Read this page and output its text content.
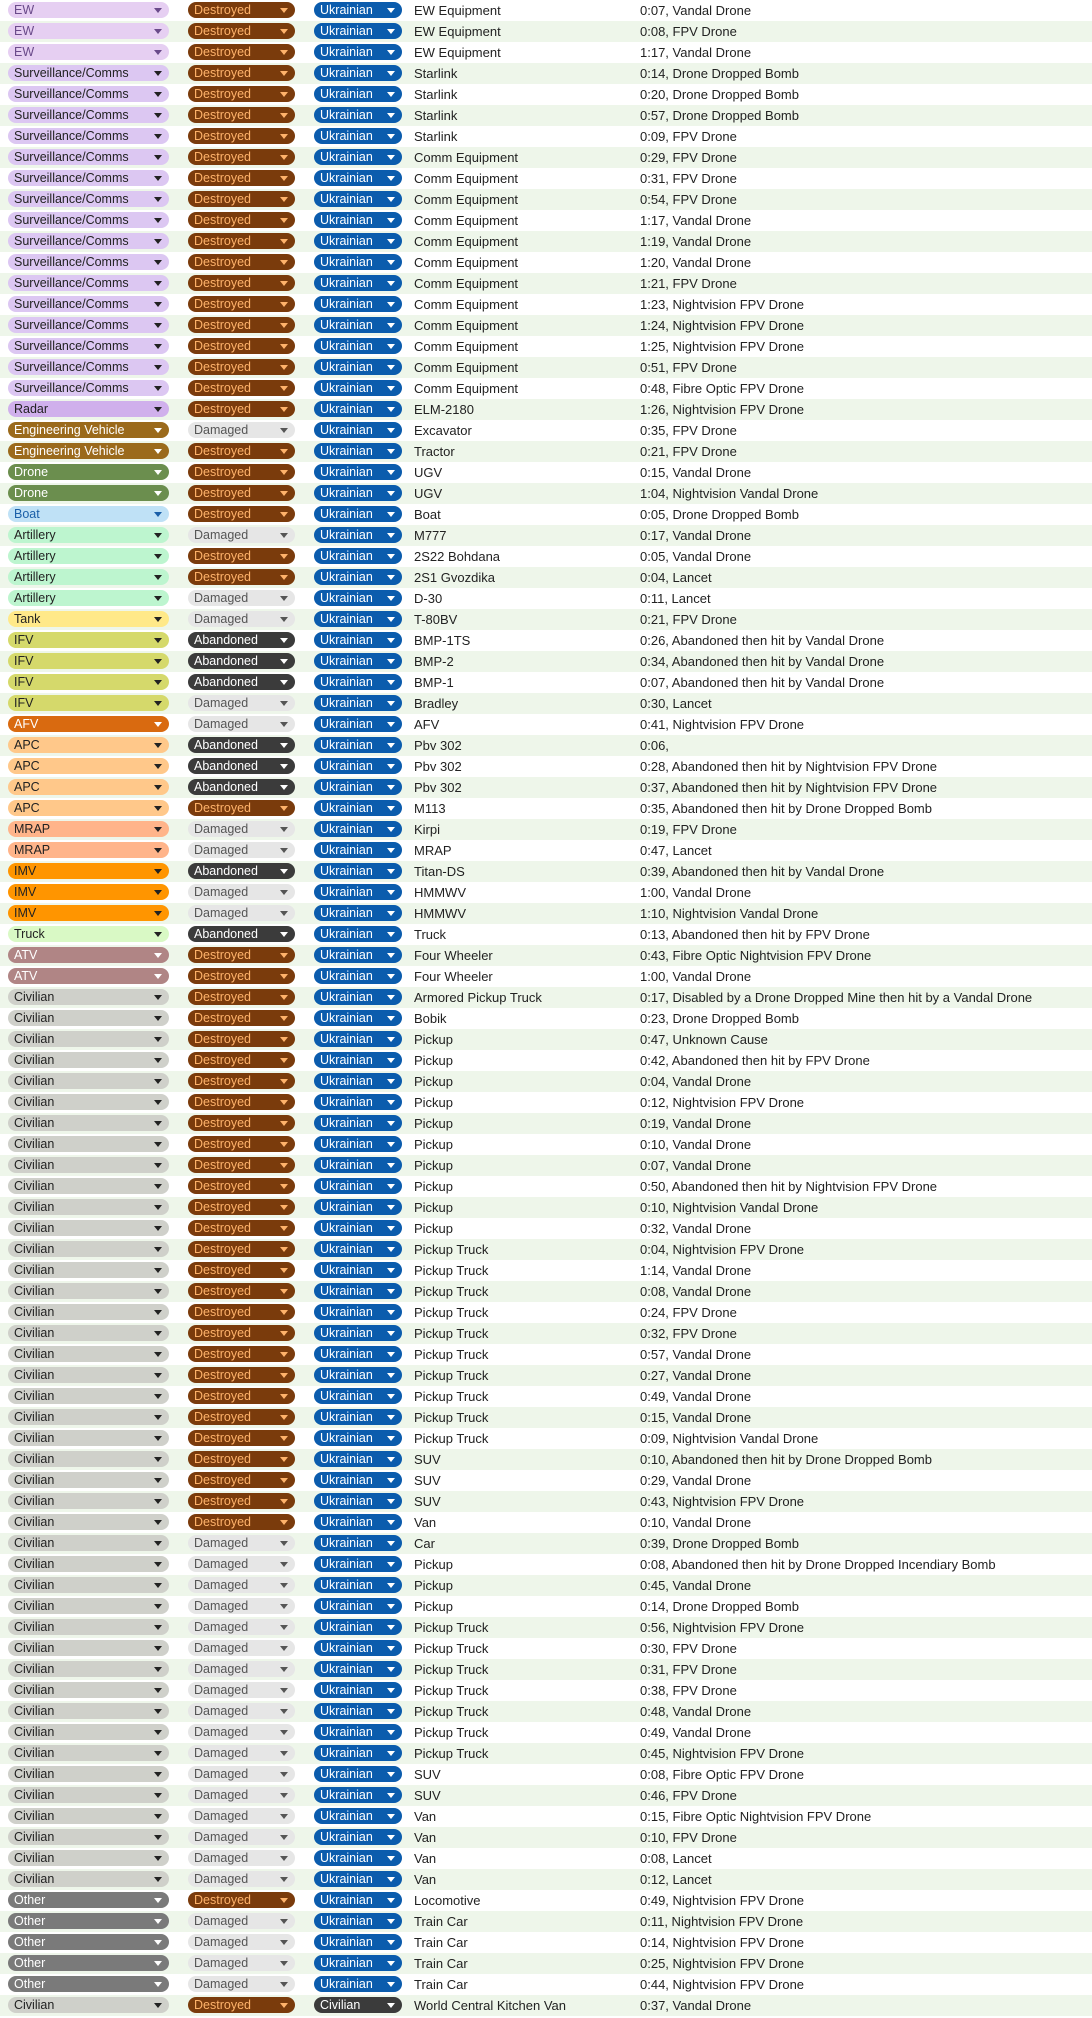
EW	Destroyed	Ukrainian	EW Equipment	0:07, Vandal Drone
EW	Destroyed	Ukrainian	EW Equipment	0:08, FPV Drone
EW	Destroyed	Ukrainian	EW Equipment	1:17, Vandal Drone
Surveillance/Comms	Destroyed	Ukrainian	Starlink	0:14, Drone Dropped Bomb
Surveillance/Comms	Destroyed	Ukrainian	Starlink	0:20, Drone Dropped Bomb
Surveillance/Comms	Destroyed	Ukrainian	Starlink	0:57, Drone Dropped Bomb
Surveillance/Comms	Destroyed	Ukrainian	Starlink	0:09, FPV Drone
Surveillance/Comms	Destroyed	Ukrainian	Comm Equipment	0:29, FPV Drone
Surveillance/Comms	Destroyed	Ukrainian	Comm Equipment	0:31, FPV Drone
Surveillance/Comms	Destroyed	Ukrainian	Comm Equipment	0:54, FPV Drone
Surveillance/Comms	Destroyed	Ukrainian	Comm Equipment	1:17, Vandal Drone
Surveillance/Comms	Destroyed	Ukrainian	Comm Equipment	1:19, Vandal Drone
Surveillance/Comms	Destroyed	Ukrainian	Comm Equipment	1:20, Vandal Drone
Surveillance/Comms	Destroyed	Ukrainian	Comm Equipment	1:21, FPV Drone
Surveillance/Comms	Destroyed	Ukrainian	Comm Equipment	1:23, Nightvision FPV Drone
Surveillance/Comms	Destroyed	Ukrainian	Comm Equipment	1:24, Nightvision FPV Drone
Surveillance/Comms	Destroyed	Ukrainian	Comm Equipment	1:25, Nightvision FPV Drone
Surveillance/Comms	Destroyed	Ukrainian	Comm Equipment	0:51, FPV Drone
Surveillance/Comms	Destroyed	Ukrainian	Comm Equipment	0:48, Fibre Optic FPV Drone
Radar	Destroyed	Ukrainian	ELM-2180	1:26, Nightvision FPV Drone
Engineering Vehicle	Damaged	Ukrainian	Excavator	0:35, FPV Drone
Engineering Vehicle	Destroyed	Ukrainian	Tractor	0:21, FPV Drone
Drone	Destroyed	Ukrainian	UGV	0:15, Vandal Drone
Drone	Destroyed	Ukrainian	UGV	1:04, Nightvision Vandal Drone
Boat	Destroyed	Ukrainian	Boat	0:05, Drone Dropped Bomb
Artillery	Damaged	Ukrainian	M777	0:17, Vandal Drone
Artillery	Destroyed	Ukrainian	2S22 Bohdana	0:05, Vandal Drone
Artillery	Destroyed	Ukrainian	2S1 Gvozdika	0:04, Lancet
Artillery	Damaged	Ukrainian	D-30	0:11, Lancet
Tank	Damaged	Ukrainian	T-80BV	0:21, FPV Drone
IFV	Abandoned	Ukrainian	BMP-1TS	0:26, Abandoned then hit by Vandal Drone
IFV	Abandoned	Ukrainian	BMP-2	0:34, Abandoned then hit by Vandal Drone
IFV	Abandoned	Ukrainian	BMP-1	0:07, Abandoned then hit by Vandal Drone
IFV	Damaged	Ukrainian	Bradley	0:30, Lancet
AFV	Damaged	Ukrainian	AFV	0:41, Nightvision FPV Drone
APC	Abandoned	Ukrainian	Pbv 302	0:06,
APC	Abandoned	Ukrainian	Pbv 302	0:28, Abandoned then hit by Nightvision FPV Drone
APC	Abandoned	Ukrainian	Pbv 302	0:37, Abandoned then hit by Nightvision FPV Drone
APC	Destroyed	Ukrainian	M113	0:35, Abandoned then hit by Drone Dropped Bomb
MRAP	Damaged	Ukrainian	Kirpi	0:19, FPV Drone
MRAP	Damaged	Ukrainian	MRAP	0:47, Lancet
IMV	Abandoned	Ukrainian	Titan-DS	0:39, Abandoned then hit by Vandal Drone
IMV	Damaged	Ukrainian	HMMWV	1:00, Vandal Drone
IMV	Damaged	Ukrainian	HMMWV	1:10, Nightvision Vandal Drone
Truck	Abandoned	Ukrainian	Truck	0:13, Abandoned then hit by FPV Drone
ATV	Destroyed	Ukrainian	Four Wheeler	0:43, Fibre Optic Nightvision FPV Drone
ATV	Destroyed	Ukrainian	Four Wheeler	1:00, Vandal Drone
Civilian	Destroyed	Ukrainian	Armored Pickup Truck	0:17, Disabled by a Drone Dropped Mine then hit by a Vandal Drone
Civilian	Destroyed	Ukrainian	Bobik	0:23, Drone Dropped Bomb
Civilian	Destroyed	Ukrainian	Pickup	0:47, Unknown Cause
Civilian	Destroyed	Ukrainian	Pickup	0:42, Abandoned then hit by FPV Drone
Civilian	Destroyed	Ukrainian	Pickup	0:04, Vandal Drone
Civilian	Destroyed	Ukrainian	Pickup	0:12, Nightvision FPV Drone
Civilian	Destroyed	Ukrainian	Pickup	0:19, Vandal Drone
Civilian	Destroyed	Ukrainian	Pickup	0:10, Vandal Drone
Civilian	Destroyed	Ukrainian	Pickup	0:07, Vandal Drone
Civilian	Destroyed	Ukrainian	Pickup	0:50, Abandoned then hit by Nightvision FPV Drone
Civilian	Destroyed	Ukrainian	Pickup	0:10, Nightvision Vandal Drone
Civilian	Destroyed	Ukrainian	Pickup	0:32, Vandal Drone
Civilian	Destroyed	Ukrainian	Pickup Truck	0:04, Nightvision FPV Drone
Civilian	Destroyed	Ukrainian	Pickup Truck	1:14, Vandal Drone
Civilian	Destroyed	Ukrainian	Pickup Truck	0:08, Vandal Drone
Civilian	Destroyed	Ukrainian	Pickup Truck	0:24, FPV Drone
Civilian	Destroyed	Ukrainian	Pickup Truck	0:32, FPV Drone
Civilian	Destroyed	Ukrainian	Pickup Truck	0:57, Vandal Drone
Civilian	Destroyed	Ukrainian	Pickup Truck	0:27, Vandal Drone
Civilian	Destroyed	Ukrainian	Pickup Truck	0:49, Vandal Drone
Civilian	Destroyed	Ukrainian	Pickup Truck	0:15, Vandal Drone
Civilian	Destroyed	Ukrainian	Pickup Truck	0:09, Nightvision Vandal Drone
Civilian	Destroyed	Ukrainian	SUV	0:10, Abandoned then hit by Drone Dropped Bomb
Civilian	Destroyed	Ukrainian	SUV	0:29, Vandal Drone
Civilian	Destroyed	Ukrainian	SUV	0:43, Nightvision FPV Drone
Civilian	Destroyed	Ukrainian	Van	0:10, Vandal Drone
Civilian	Damaged	Ukrainian	Car	0:39, Drone Dropped Bomb
Civilian	Damaged	Ukrainian	Pickup	0:08, Abandoned then hit by Drone Dropped Incendiary Bomb
Civilian	Damaged	Ukrainian	Pickup	0:45, Vandal Drone
Civilian	Damaged	Ukrainian	Pickup	0:14, Drone Dropped Bomb
Civilian	Damaged	Ukrainian	Pickup Truck	0:56, Nightvision FPV Drone
Civilian	Damaged	Ukrainian	Pickup Truck	0:30, FPV Drone
Civilian	Damaged	Ukrainian	Pickup Truck	0:31, FPV Drone
Civilian	Damaged	Ukrainian	Pickup Truck	0:38, FPV Drone
Civilian	Damaged	Ukrainian	Pickup Truck	0:48, Vandal Drone
Civilian	Damaged	Ukrainian	Pickup Truck	0:49, Vandal Drone
Civilian	Damaged	Ukrainian	Pickup Truck	0:45, Nightvision FPV Drone
Civilian	Damaged	Ukrainian	SUV	0:08, Fibre Optic FPV Drone
Civilian	Damaged	Ukrainian	SUV	0:46, FPV Drone
Civilian	Damaged	Ukrainian	Van	0:15, Fibre Optic Nightvision FPV Drone
Civilian	Damaged	Ukrainian	Van	0:10, FPV Drone
Civilian	Damaged	Ukrainian	Van	0:08, Lancet
Civilian	Damaged	Ukrainian	Van	0:12, Lancet
Other	Destroyed	Ukrainian	Locomotive	0:49, Nightvision FPV Drone
Other	Damaged	Ukrainian	Train Car	0:11, Nightvision FPV Drone
Other	Damaged	Ukrainian	Train Car	0:14, Nightvision FPV Drone
Other	Damaged	Ukrainian	Train Car	0:25, Nightvision FPV Drone
Other	Damaged	Ukrainian	Train Car	0:44, Nightvision FPV Drone
Civilian	Destroyed	Civilian	World Central Kitchen Van	0:37, Vandal Drone
